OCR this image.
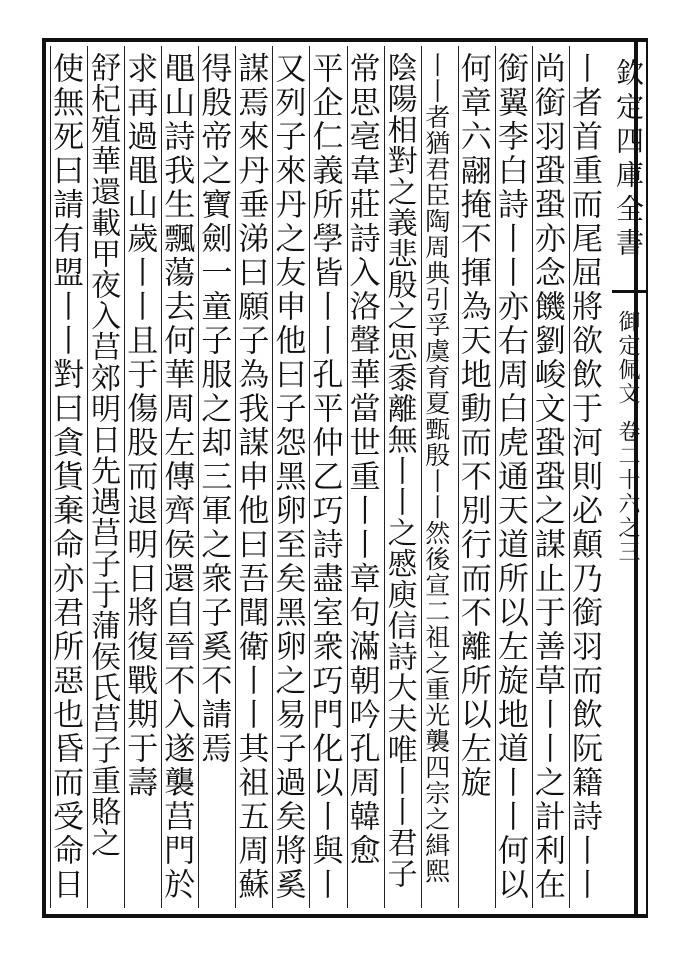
欽定四庫全書
御定佩文
卷二十六之三
丨者首重而尾屈將欲飲于河則必顛乃銜羽而飲阮籍詩丨丨
尚銜羽蛩蛩亦念饑劉峻文蛩蛩之謀止于善草丨丨之計利在
銜翼李白詩丨丨亦右周白虎通天道所以左旋地道丨丨何以
何章六翮掩不揮為天地動而不別行而不離所以左旋
丨丨者猶君臣陶周典引孚虞育夏甄殷丨丨然後宣二祖之重光襲四宗之緝熙
陰陽相對之義悲殷之思黍離無丨丨之慼庾信詩大夫唯丨丨君子
常思亳韋莊詩入洛聲華當世重丨丨章句滿朝吟孔周韓愈
平企仁義所學皆丨丨孔平仲乙巧詩盡室衆巧門化以丨與丨
又列子來丹之友申他曰子怨黑卵至矣黑卵之易子過矣將奚
謀焉來丹垂涕曰願子為我謀申他曰吾聞衛丨丨其祖五周蘇
得殷帝之寶劍一童子服之却三軍之衆子奚不請焉
黽山詩我生飄蕩去何華周左傳齊侯還自晉不入遂襲莒門於
求再過黽山歲丨丨且于傷股而退明日將復戰期于壽
舒杞殖華還載甲夜入莒郊明日先遇莒子于蒲侯氏莒子重賂之
使無死曰請有盟丨丨對曰貪貨棄命亦君所惡也昏而受命日
